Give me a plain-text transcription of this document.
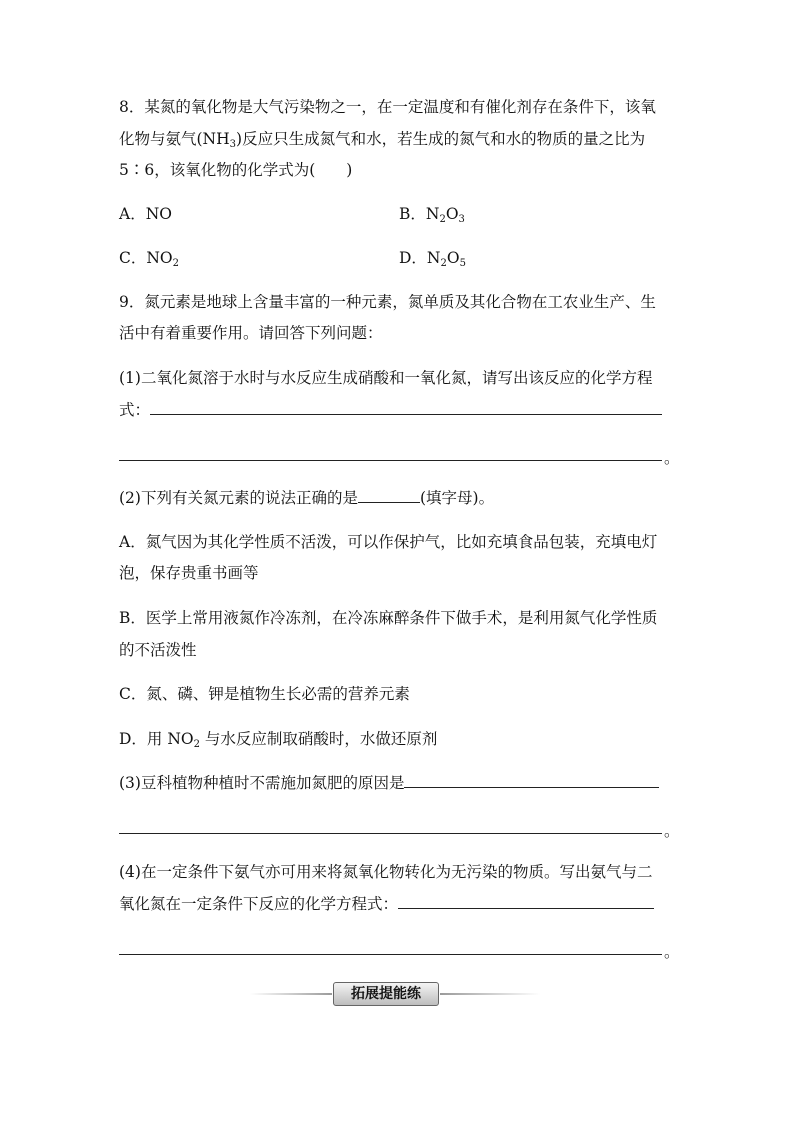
8．某氮的氧化物是大气污染物之一，在一定温度和有催化剂存在条件下，该氧
化物与氨气$(NH_3)$反应只生成氮气和水，若生成的氮气和水的物质的量之比为
5∶6，该氧化物的化学式为(　　)
A．NO	B．$N_2O_3$
C．$NO_2$	D．$N_2O_5$
9．氮元素是地球上含量丰富的一种元素，氮单质及其化合物在工农业生产、生
活中有着重要作用。请回答下列问题：
(1)二氧化氮溶于水时与水反应生成硝酸和一氧化氮，请写出该反应的化学方程
式：
。
(2)下列有关氮元素的说法正确的是	(填字母)。
A．氮气因为其化学性质不活泼，可以作保护气，比如充填食品包装，充填电灯
泡，保存贵重书画等
B．医学上常用液氮作冷冻剂，在冷冻麻醉条件下做手术，是利用氮气化学性质
的不活泼性
C．氮、磷、钾是植物生长必需的营养元素
D．用 $NO_2$ 与水反应制取硝酸时，水做还原剂
(3)豆科植物种植时不需施加氮肥的原因是
。
(4)在一定条件下氨气亦可用来将氮氧化物转化为无污染的物质。写出氨气与二
氧化氮在一定条件下反应的化学方程式：
。
拓展提能练
